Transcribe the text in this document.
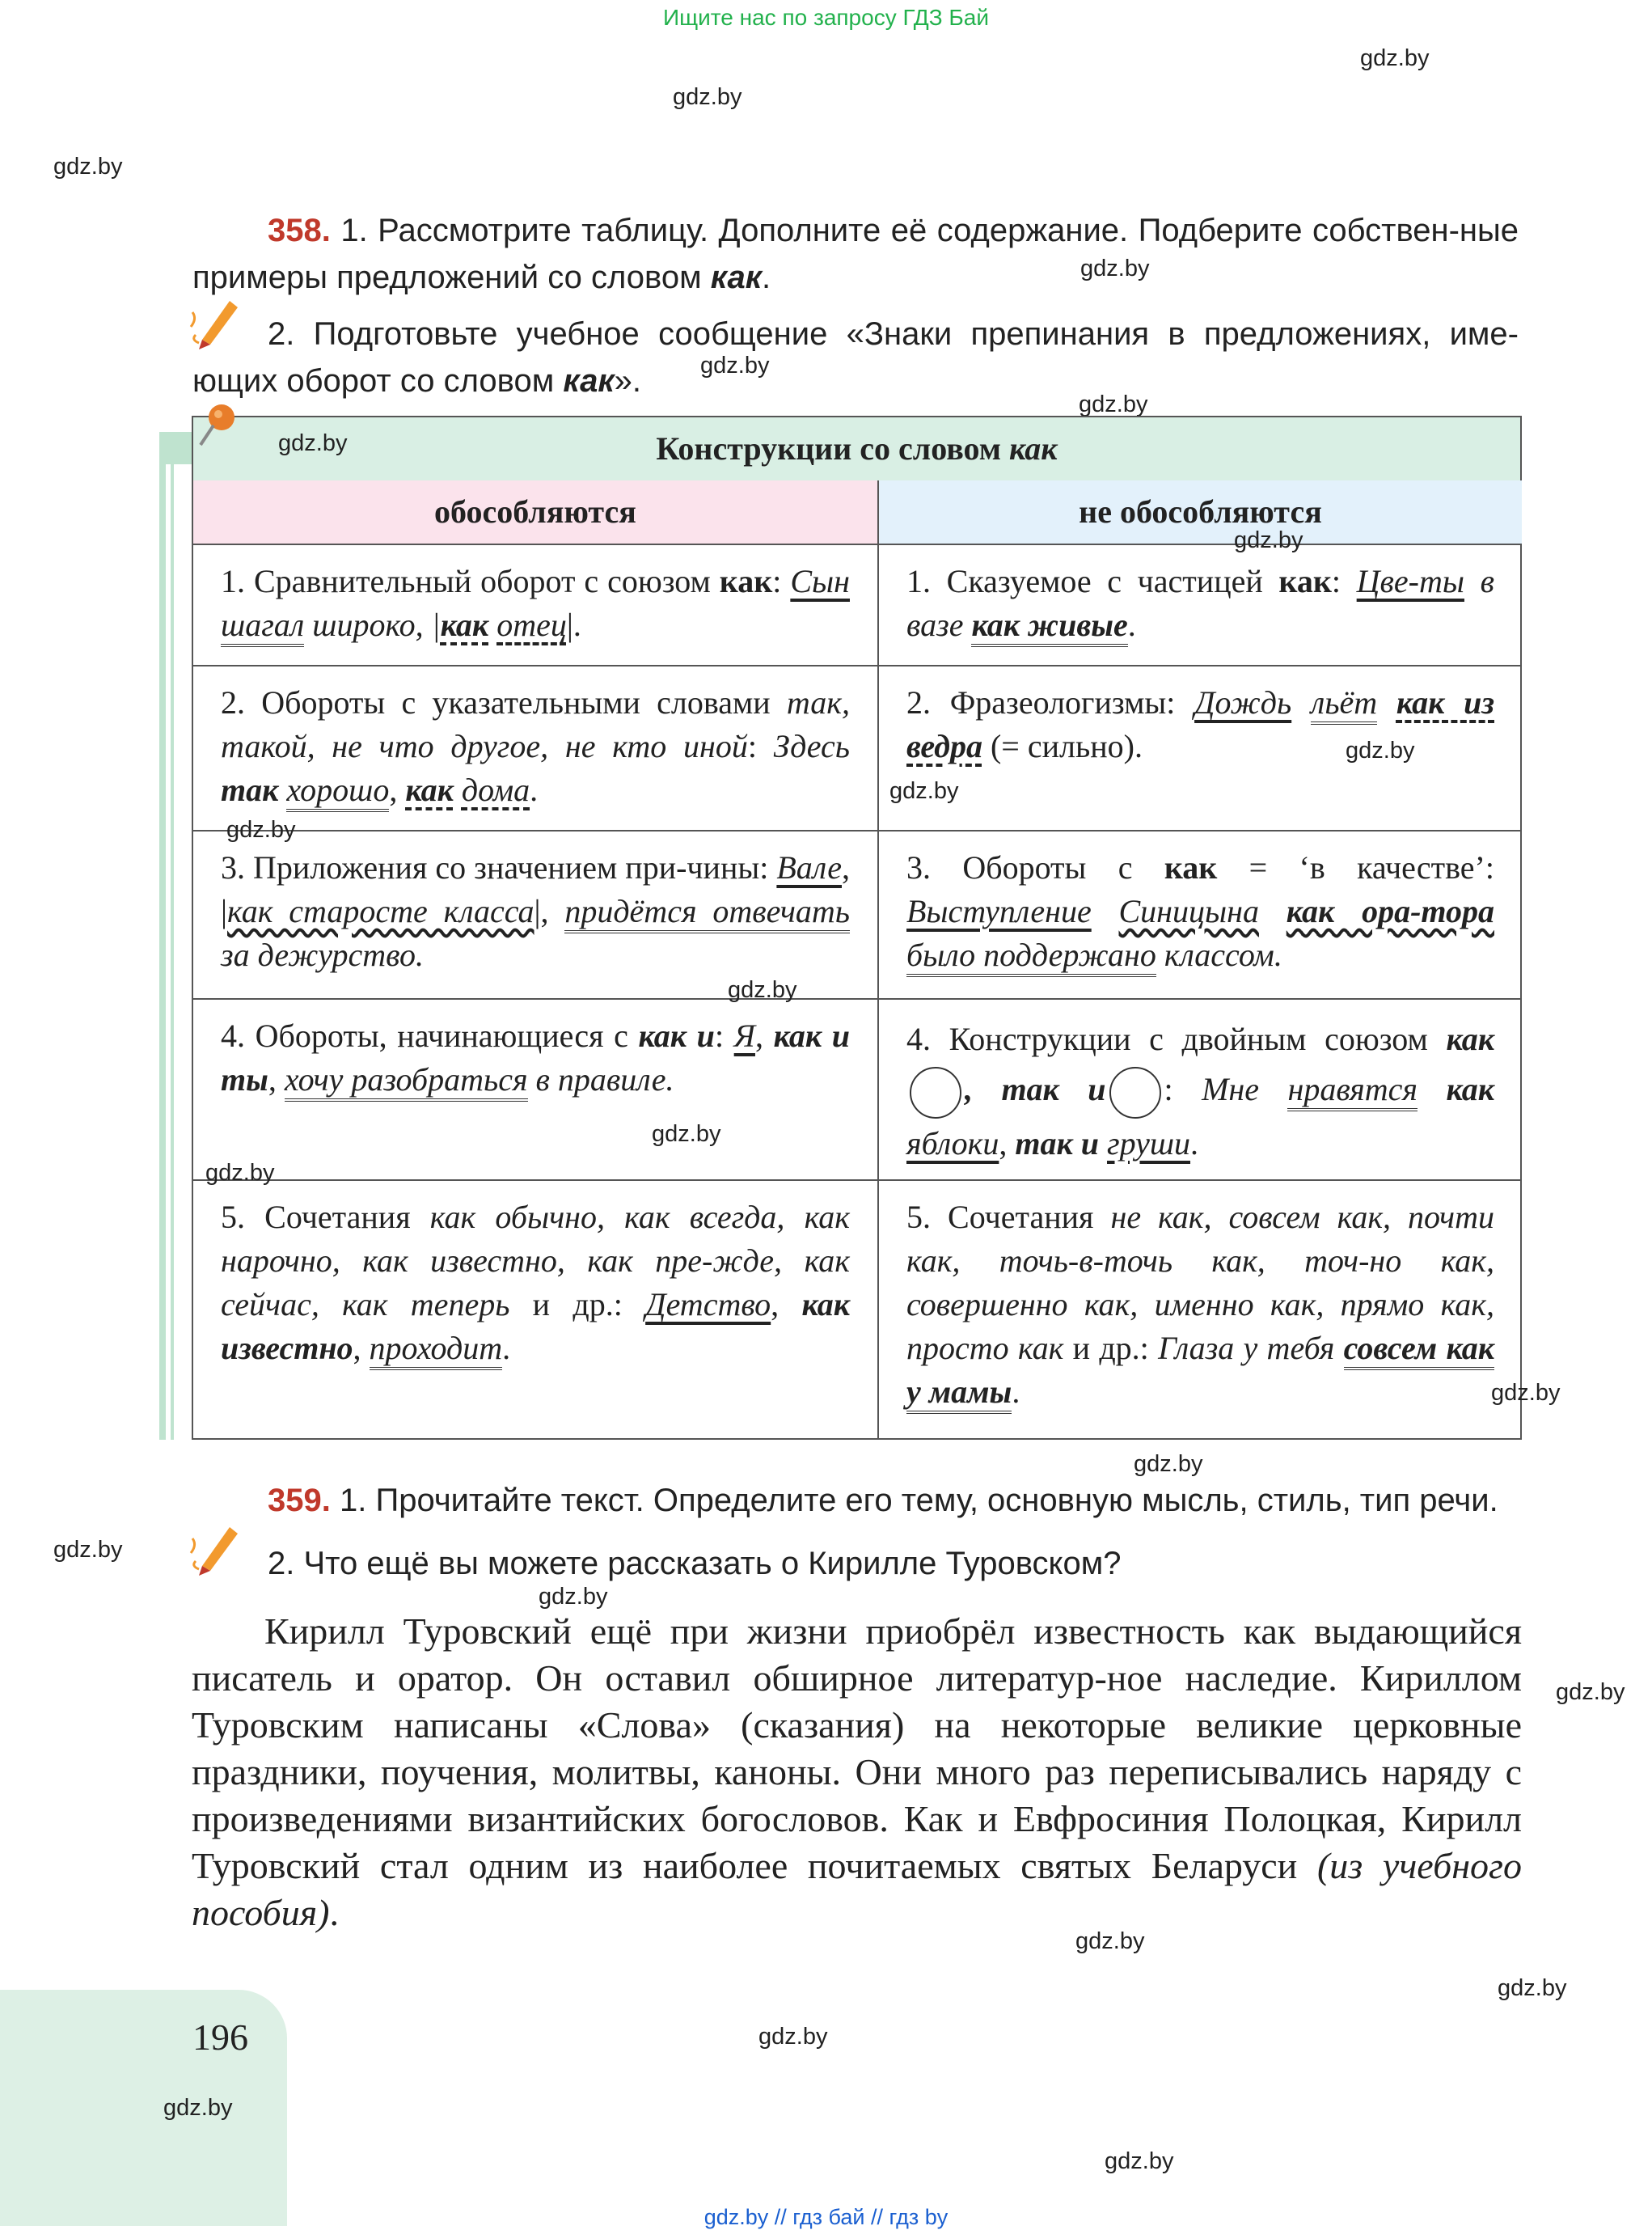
Ищите нас по запросу ГДЗ Бай
gdz.by
gdz.by
gdz.by
gdz.by
gdz.by
gdz.by
gdz.by
gdz.by
gdz.by
gdz.by
gdz.by
gdz.by
gdz.by
gdz.by
gdz.by
gdz.by
gdz.by
gdz.by
gdz.by
gdz.by
gdz.by
gdz.by
gdz.by
gdz.by
358. 1. Рассмотрите таблицу. Дополните её содержание. Подберите собствен-ные примеры предложений со словом как.
2. Подготовьте учебное сообщение «Знаки препинания в предложениях, име-ющих оборот со словом как».
Конструкции со словом как
обособляются	не обособляются
1. Сравнительный оборот с союзом как: Сын шагал широко, |как отец|.
1. Сказуемое с частицей как: Цве-ты в вазе как живые.
2. Обороты с указательными словами так, такой, не что другое, не кто иной: Здесь так хорошо, как дома.
2. Фразеологизмы: Дождь льёт как из ведра (= сильно).
3. Приложения со значением при-чины: Вале, |как старосте класса|, придётся отвечать за дежурство.
3. Обороты с как = ‘в качестве’: Выступление Синицына как ора-тора было поддержано классом.
4. Обороты, начинающиеся с как и: Я, как и ты, хочу разобраться в правиле.
4. Конструкции с двойным союзом как, так и : Мне нравятся как яблоки, так и груши.
5. Сочетания как обычно, как всегда, как нарочно, как известно, как пре-жде, как сейчас, как теперь и др.: Детство, как известно, проходит.
5. Сочетания не как, совсем как, почти как, точь-в-точь как, точ-но как, совершенно как, именно как, прямо как, просто как и др.: Глаза у тебя совсем как у мамы.
359. 1. Прочитайте текст. Определите его тему, основную мысль, стиль, тип речи.
2. Что ещё вы можете рассказать о Кирилле Туровском?
Кирилл Туровский ещё при жизни приобрёл известность как выдающийся писатель и оратор. Он оставил обширное литератур-ное наследие. Кириллом Туровским написаны «Слова» (сказания) на некоторые великие церковные праздники, поучения, молитвы, каноны. Они много раз переписывались наряду с произведениями византийских богословов. Как и Евфросиния Полоцкая, Кирилл Туровский стал одним из наиболее почитаемых святых Беларуси (из учебного пособия).
196
gdz.by // гдз бай // гдз by
